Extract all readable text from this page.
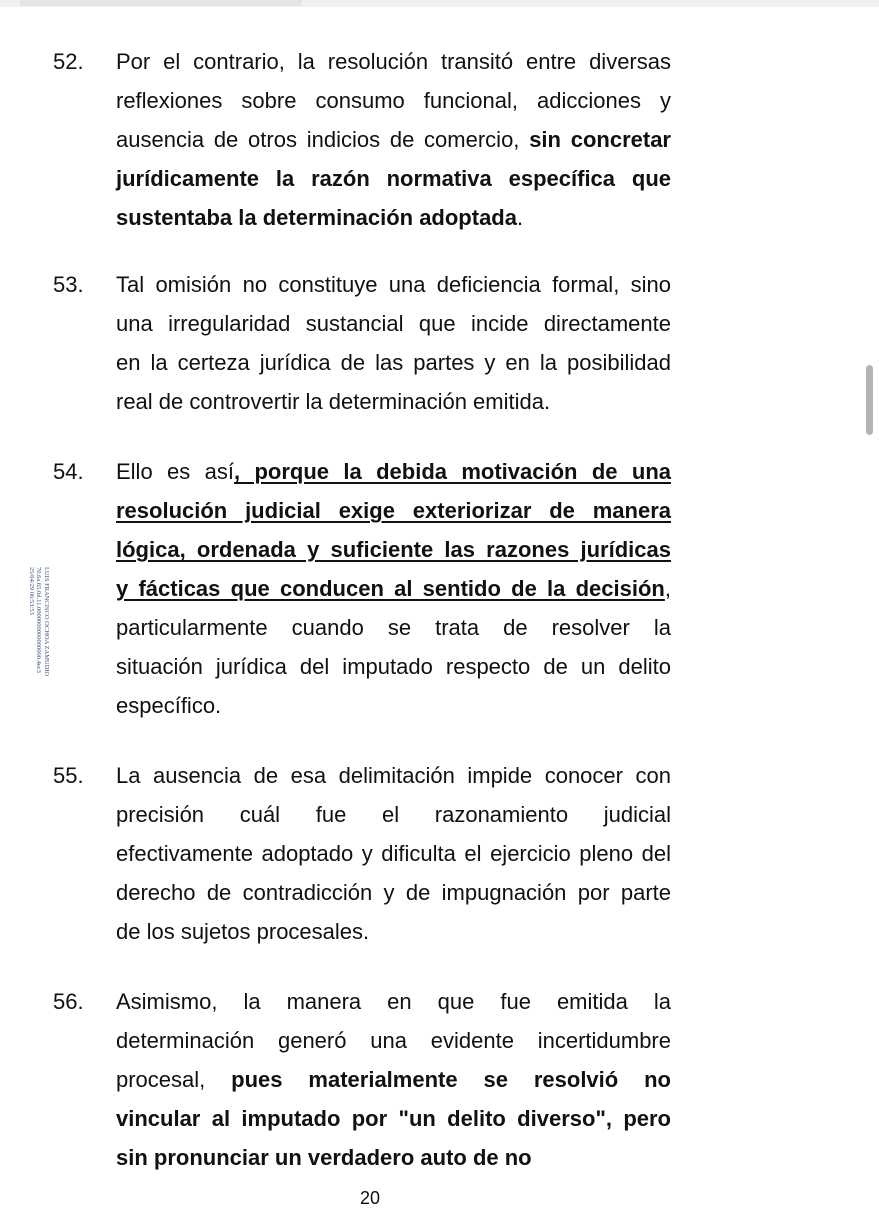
52. Por el contrario, la resolución transitó entre diversas
reflexiones sobre consumo funcional, adicciones y
ausencia de otros indicios de comercio, sin concretar
jurídicamente la razón normativa específica que
sustentaba la determinación adoptada.
53. Tal omisión no constituye una deficiencia formal, sino
una irregularidad sustancial que incide directamente
en la certeza jurídica de las partes y en la posibilidad
real de controvertir la determinación emitida.
54. Ello es así, porque la debida motivación de una
resolución judicial exige exteriorizar de manera
lógica, ordenada y suficiente las razones jurídicas
y fácticas que conducen al sentido de la decisión,
particularmente cuando se trata de resolver la
situación jurídica del imputado respecto de un delito
específico.
55. La ausencia de esa delimitación impide conocer con
precisión cuál fue el razonamiento judicial
efectivamente adoptado y dificulta el ejercicio pleno del
derecho de contradicción y de impugnación por parte
de los sujetos procesales.
56. Asimismo, la manera en que fue emitida la
determinación generó una evidente incertidumbre
procesal, pues materialmente se resolvió no
vincular al imputado por "un delito diverso", pero
sin pronunciar un verdadero auto de no
LUIS FRANCISCO OCHOA ZAMUDIO
70.6a.65.0d.11.0000000000000000.4ec3
25/04/29 06:53:53
20
